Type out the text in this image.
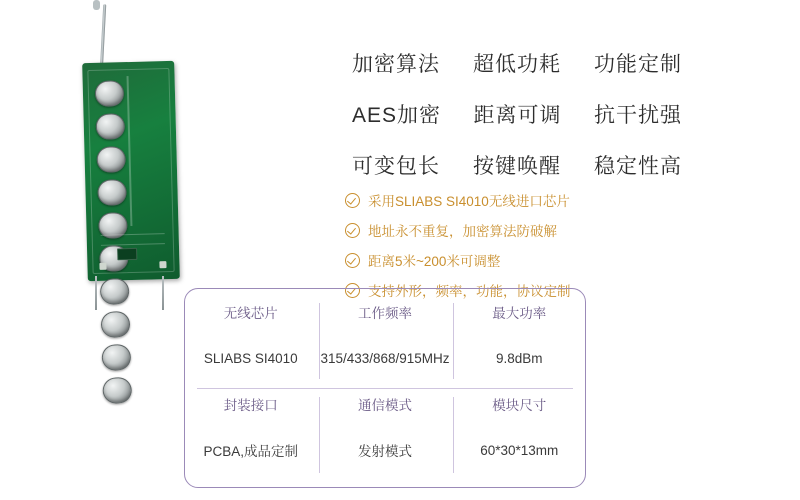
加密算法 超低功耗 功能定制
AES加密 距离可调 抗干扰强
可变包长 按键唤醒 稳定性高
采用SLIABS SI4010无线进口芯片
地址永不重复，加密算法防破解
距离5米~200米可调整
支持外形，频率，功能，协议定制
无线芯片	工作频率	最大功率
SLIABS SI4010	315/433/868/915MHz	9.8dBm
封装接口	通信模式	模块尺寸
PCBA,成品定制	发射模式	60*30*13mm
